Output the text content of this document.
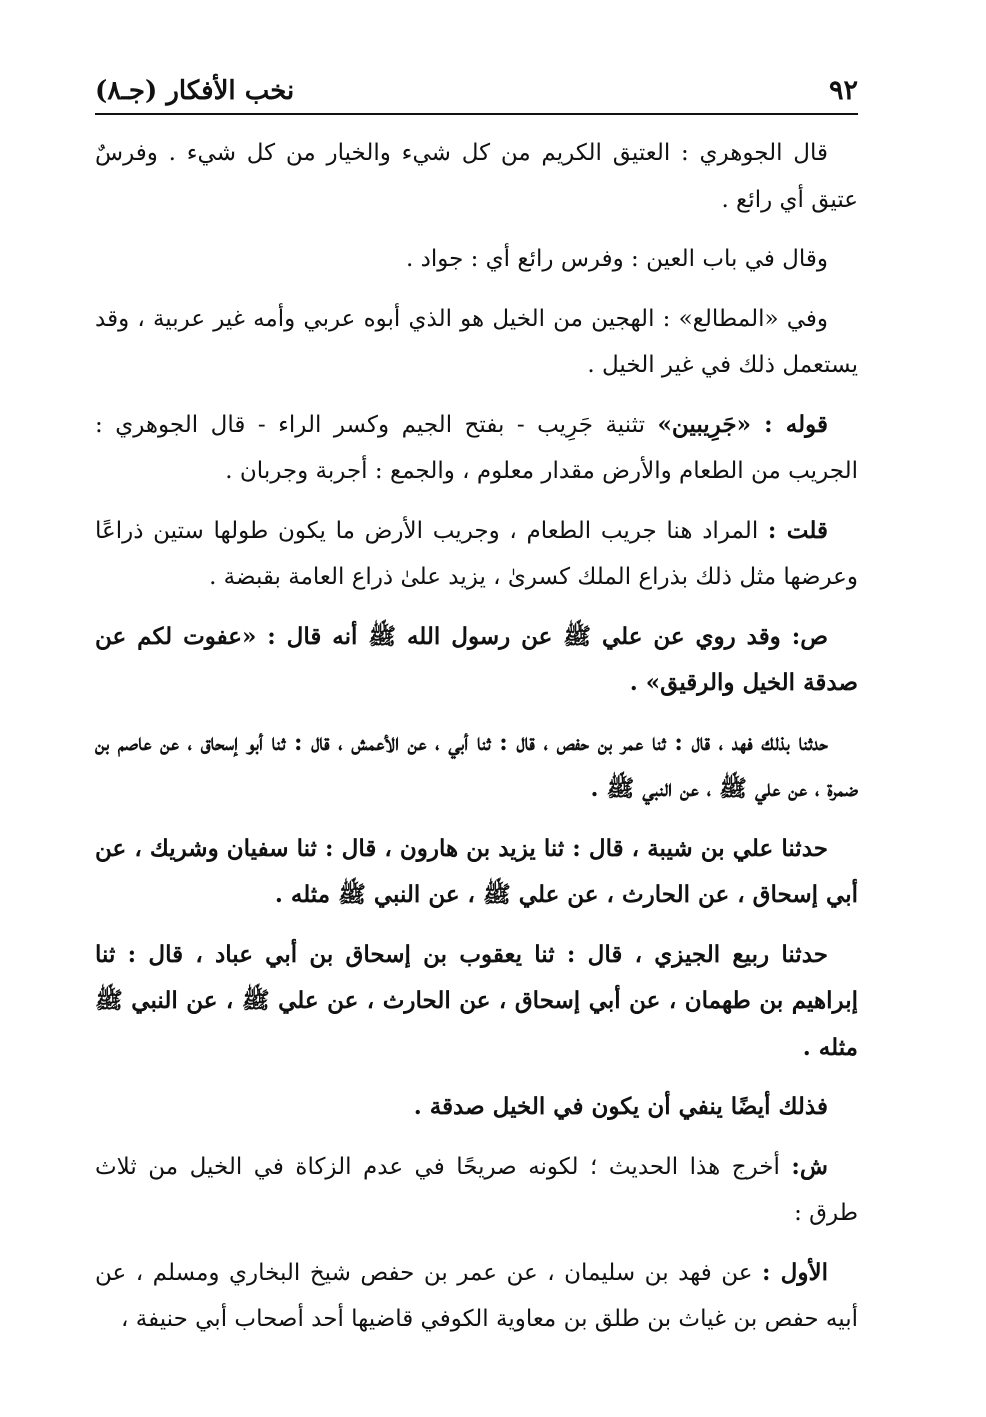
٩٢
نخب الأفكار (جـ٨)

قال الجوهري : العتيق الكريم من كل شيء والخيار من كل شيء . وفرسٌ عتيق أي رائع .

وقال في باب العين : وفرس رائع أي : جواد .

وفي «المطالع» : الهجين من الخيل هو الذي أبوه عربي وأمه غير عربية ، وقد يستعمل ذلك في غير الخيل .

قوله : «جَرِيبين» تثنية جَرِيب - بفتح الجيم وكسر الراء - قال الجوهري : الجريب من الطعام والأرض مقدار معلوم ، والجمع : أجربة وجربان .

قلت : المراد هنا جريب الطعام ، وجريب الأرض ما يكون طولها ستين ذراعًا وعرضها مثل ذلك بذراع الملك كسرىٰ ، يزيد علىٰ ذراع العامة بقبضة .

ص: وقد روي عن علي ﷺ عن رسول الله ﷺ أنه قال : «عفوت لكم عن صدقة الخيل والرقيق» .

حدثنا بذلك فهد ، قال : ثنا عمر بن حفص ، قال : ثنا أبي ، عن الأعمش ، قال : ثنا أبو إسحاق ، عن عاصم بن ضمرة ، عن علي ﷺ ، عن النبي ﷺ .

حدثنا علي بن شيبة ، قال : ثنا يزيد بن هارون ، قال : ثنا سفيان وشريك ، عن أبي إسحاق ، عن الحارث ، عن علي ﷺ ، عن النبي ﷺ مثله .

حدثنا ربيع الجيزي ، قال : ثنا يعقوب بن إسحاق بن أبي عباد ، قال : ثنا إبراهيم بن طهمان ، عن أبي إسحاق ، عن الحارث ، عن علي ﷺ ، عن النبي ﷺ مثله .

فذلك أيضًا ينفي أن يكون في الخيل صدقة .

ش: أخرج هذا الحديث ؛ لكونه صريحًا في عدم الزكاة في الخيل من ثلاث طرق :

الأول : عن فهد بن سليمان ، عن عمر بن حفص شيخ البخاري ومسلم ، عن أبيه حفص بن غياث بن طلق بن معاوية الكوفي قاضيها أحد أصحاب أبي حنيفة ،
